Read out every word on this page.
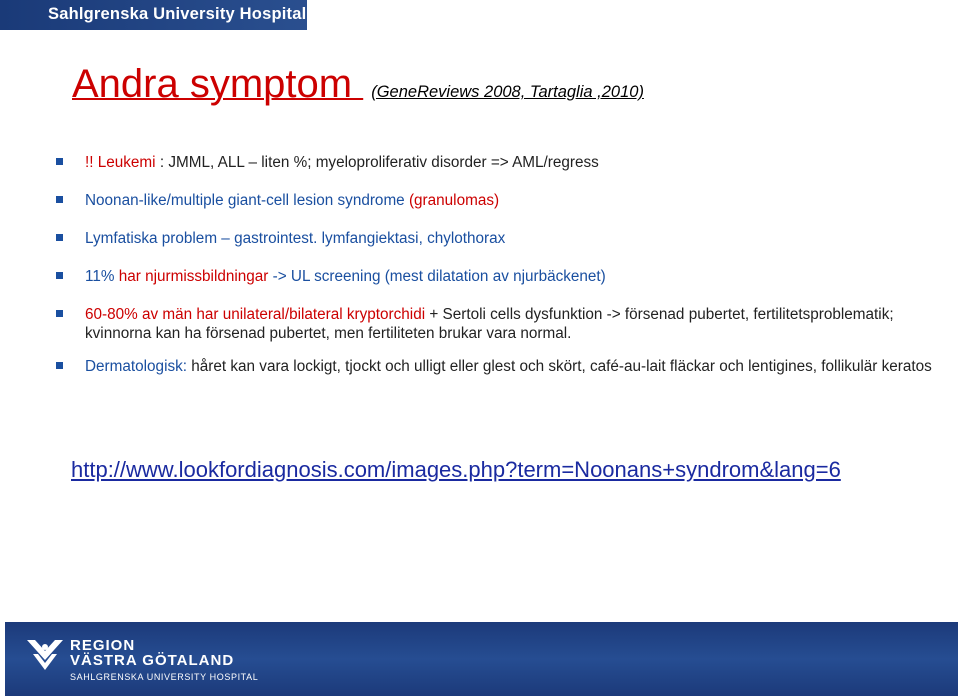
Sahlgrenska University Hospital
Andra symptom (GeneReviews 2008, Tartaglia ,2010)
!! Leukemi : JMML, ALL – liten %; myeloproliferativ disorder => AML/regress
Noonan-like/multiple giant-cell lesion syndrome (granulomas)
Lymfatiska problem – gastrointest. lymfangiektasi, chylothorax
11% har njurmissbildningar -> UL screening (mest dilatation av njurbäckenet)
60-80% av män har unilateral/bilateral kryptorchidi + Sertoli cells dysfunktion -> försenad pubertet, fertilitetsproblematik; kvinnorna kan ha försenad pubertet, men fertiliteten brukar vara normal.
Dermatologisk: håret kan vara lockigt, tjockt och ulligt eller glest och skört, café-au-lait fläckar och lentigines, follikulär keratos
http://www.lookfordiagnosis.com/images.php?term=Noonans+syndrom&lang=6
REGION
VÄSTRA GÖTALAND
SAHLGRENSKA UNIVERSITY HOSPITAL
